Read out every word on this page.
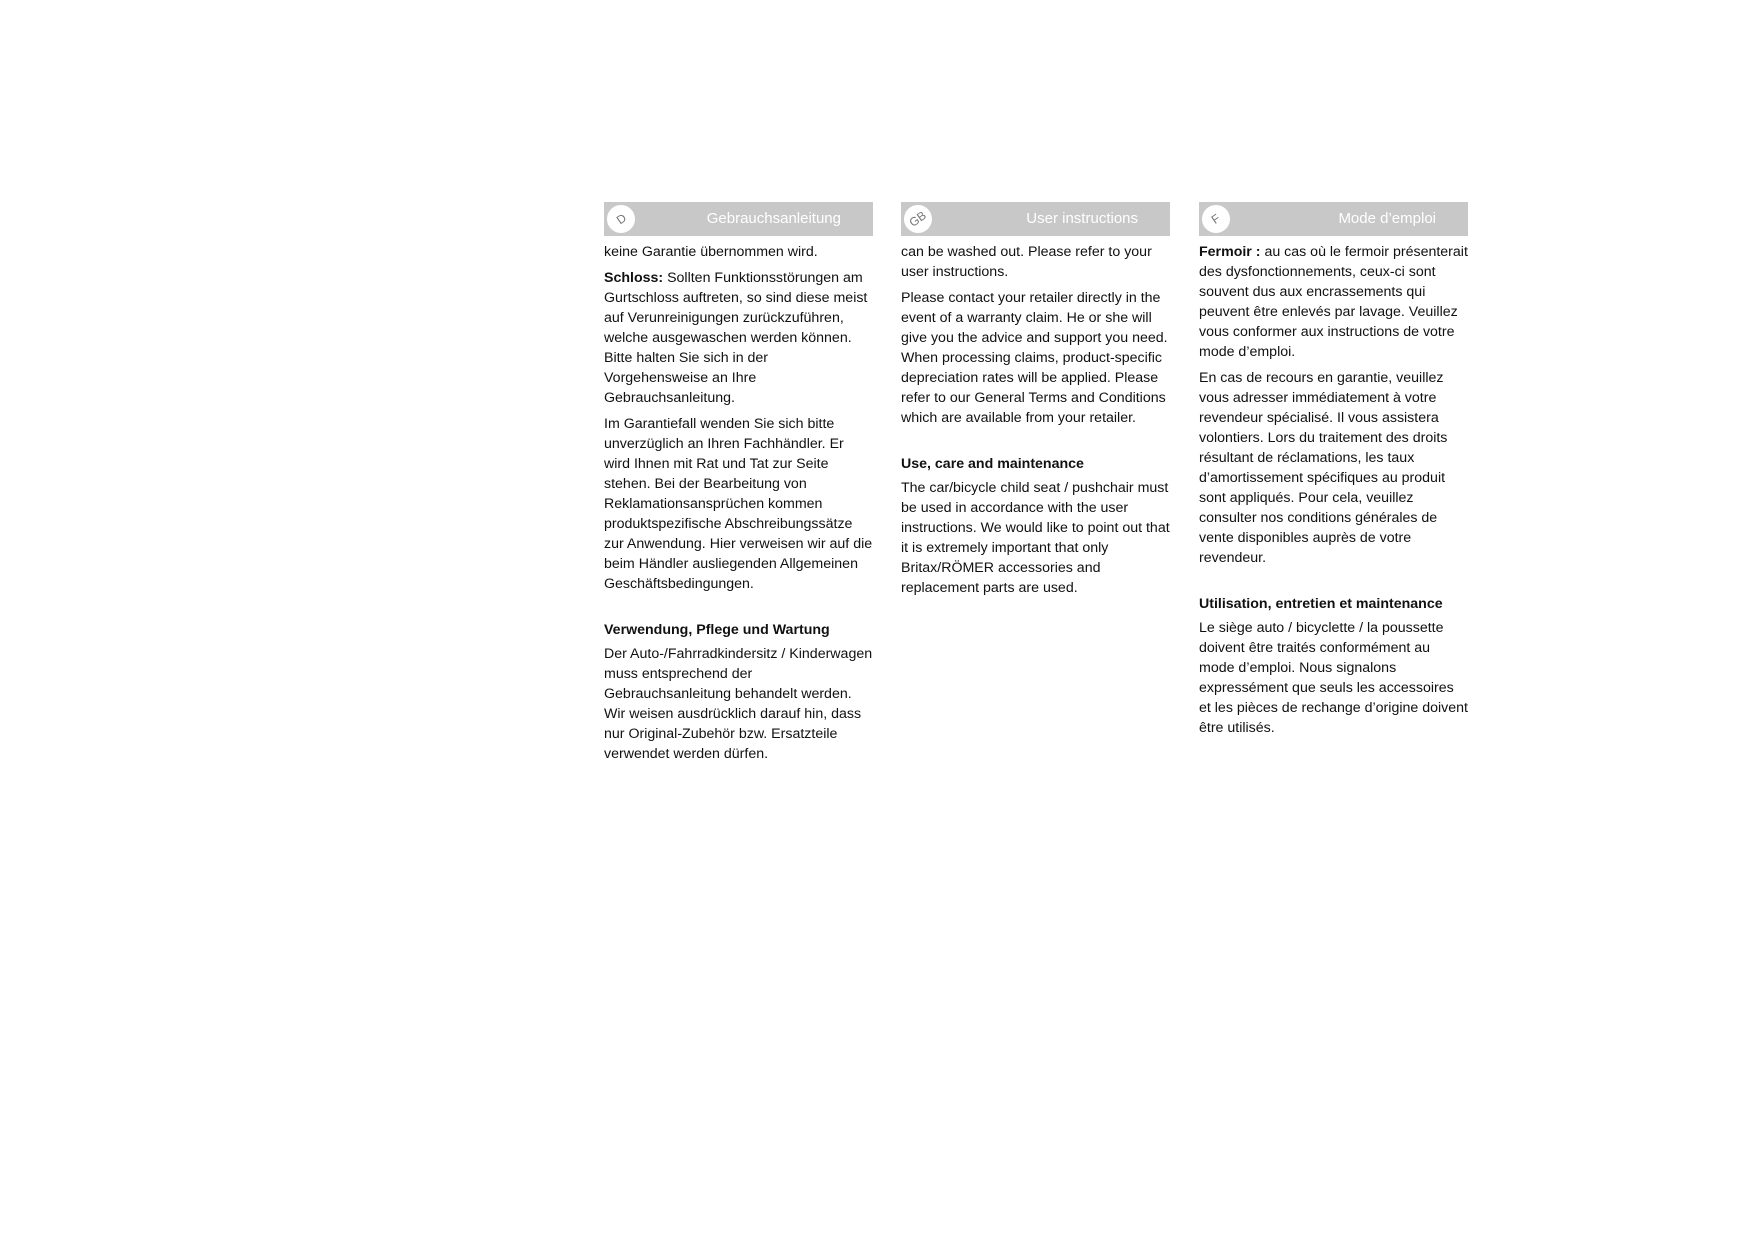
D	Gebrauchsanleitung

keine Garantie übernommen wird.

Schloss: Sollten Funktionsstörungen am Gurtschloss auftreten, so sind diese meist auf Verunreinigungen zurückzuführen, welche ausgewaschen werden können. Bitte halten Sie sich in der Vorgehensweise an Ihre Gebrauchsanleitung.

Im Garantiefall wenden Sie sich bitte unverzüglich an Ihren Fachhändler. Er wird Ihnen mit Rat und Tat zur Seite stehen. Bei der Bearbeitung von Reklamationsansprüchen kommen produktspezifische Abschreibungssätze zur Anwendung. Hier verweisen wir auf die beim Händler ausliegenden Allgemeinen Geschäftsbedingungen.

Verwendung, Pflege und Wartung

Der Auto-/Fahrradkindersitz / Kinderwagen muss entsprechend der Gebrauchsanleitung behandelt werden. Wir weisen ausdrücklich darauf hin, dass nur Original-Zubehör bzw. Ersatzteile verwendet werden dürfen.

GB	User instructions

can be washed out. Please refer to your user instructions.

Please contact your retailer directly in the event of a warranty claim. He or she will give you the advice and support you need. When processing claims, product-specific depreciation rates will be applied. Please refer to our General Terms and Conditions which are available from your retailer.

Use, care and maintenance

The car/bicycle child seat / pushchair must be used in accordance with the user instructions. We would like to point out that it is extremely important that only Britax/RÖMER accessories and replacement parts are used.

F	Mode d’emploi

Fermoir : au cas où le fermoir présenterait des dysfonctionnements, ceux-ci sont souvent dus aux encrassements qui peuvent être enlevés par lavage. Veuillez vous conformer aux instructions de votre mode d’emploi.

En cas de recours en garantie, veuillez vous adresser immédiatement à votre revendeur spécialisé. Il vous assistera volontiers. Lors du traitement des droits résultant de réclamations, les taux d’amortissement spécifiques au produit sont appliqués. Pour cela, veuillez consulter nos conditions générales de vente disponibles auprès de votre revendeur.

Utilisation, entretien et maintenance

Le siège auto / bicyclette / la poussette doivent être traités conformément au mode d’emploi. Nous signalons expressément que seuls les accessoires et les pièces de rechange d’origine doivent être utilisés.
